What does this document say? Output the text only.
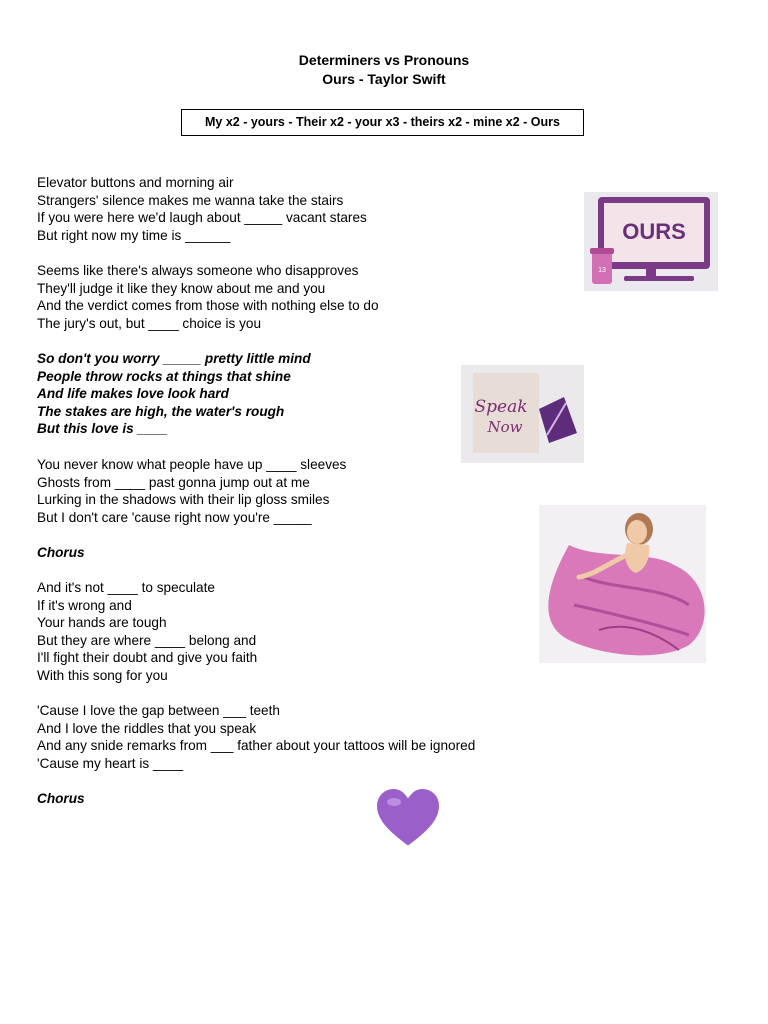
Determiners vs Pronouns
Ours - Taylor Swift
My x2 - yours - Their x2 - your x3 - theirs x2 - mine x2 - Ours
Elevator buttons and morning air
Strangers' silence makes me wanna take the stairs
If you were here we'd laugh about _____ vacant stares
But right now my time is ______
Seems like there's always someone who disapproves
They'll judge it like they know about me and you
And the verdict comes from those with nothing else to do
The jury's out, but ____ choice is you
So don't you worry _____ pretty little mind
People throw rocks at things that shine
And life makes love look hard
The stakes are high, the water's rough
But this love is ____
You never know what people have up ____ sleeves
Ghosts from ____ past gonna jump out at me
Lurking in the shadows with their lip gloss smiles
But I don't care 'cause right now you're _____
Chorus
And it's not ____ to speculate
If it's wrong and
Your hands are tough
But they are where ____ belong and
I'll fight their doubt and give you faith
With this song for you
'Cause I love the gap between ___ teeth
And I love the riddles that you speak
And any snide remarks from ___ father about your tattoos will be ignored
'Cause my heart is ____
Chorus
OURS
13
Speak
Now
